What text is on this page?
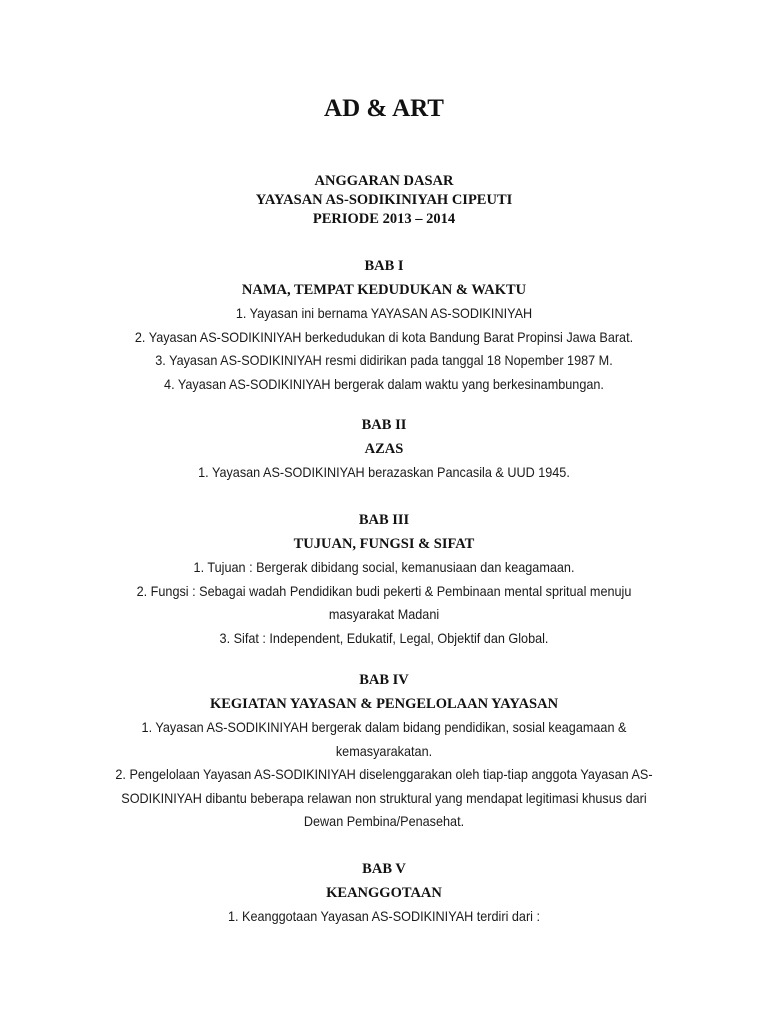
AD & ART
ANGGARAN DASAR
YAYASAN AS-SODIKINIYAH CIPEUTI
PERIODE 2013 – 2014
BAB I
NAMA, TEMPAT KEDUDUKAN & WAKTU
1. Yayasan ini bernama YAYASAN AS-SODIKINIYAH
2. Yayasan AS-SODIKINIYAH berkedudukan di kota Bandung Barat Propinsi Jawa Barat.
3. Yayasan AS-SODIKINIYAH resmi didirikan pada tanggal 18 Nopember 1987 M.
4. Yayasan AS-SODIKINIYAH bergerak dalam waktu yang berkesinambungan.
BAB II
AZAS
1. Yayasan AS-SODIKINIYAH berazaskan Pancasila & UUD 1945.
BAB III
TUJUAN, FUNGSI & SIFAT
1. Tujuan : Bergerak dibidang social, kemanusiaan dan keagamaan.
2. Fungsi : Sebagai wadah Pendidikan budi pekerti & Pembinaan mental spritual menuju masyarakat Madani
3. Sifat : Independent, Edukatif, Legal, Objektif dan Global.
BAB IV
KEGIATAN YAYASAN & PENGELOLAAN YAYASAN
1. Yayasan AS-SODIKINIYAH bergerak dalam bidang pendidikan, sosial keagamaan & kemasyarakatan.
2. Pengelolaan Yayasan AS-SODIKINIYAH diselenggarakan oleh tiap-tiap anggota Yayasan AS-SODIKINIYAH dibantu beberapa relawan non struktural yang mendapat legitimasi khusus dari Dewan Pembina/Penasehat.
BAB V
KEANGGOTAAN
1. Keanggotaan Yayasan AS-SODIKINIYAH terdiri dari :
